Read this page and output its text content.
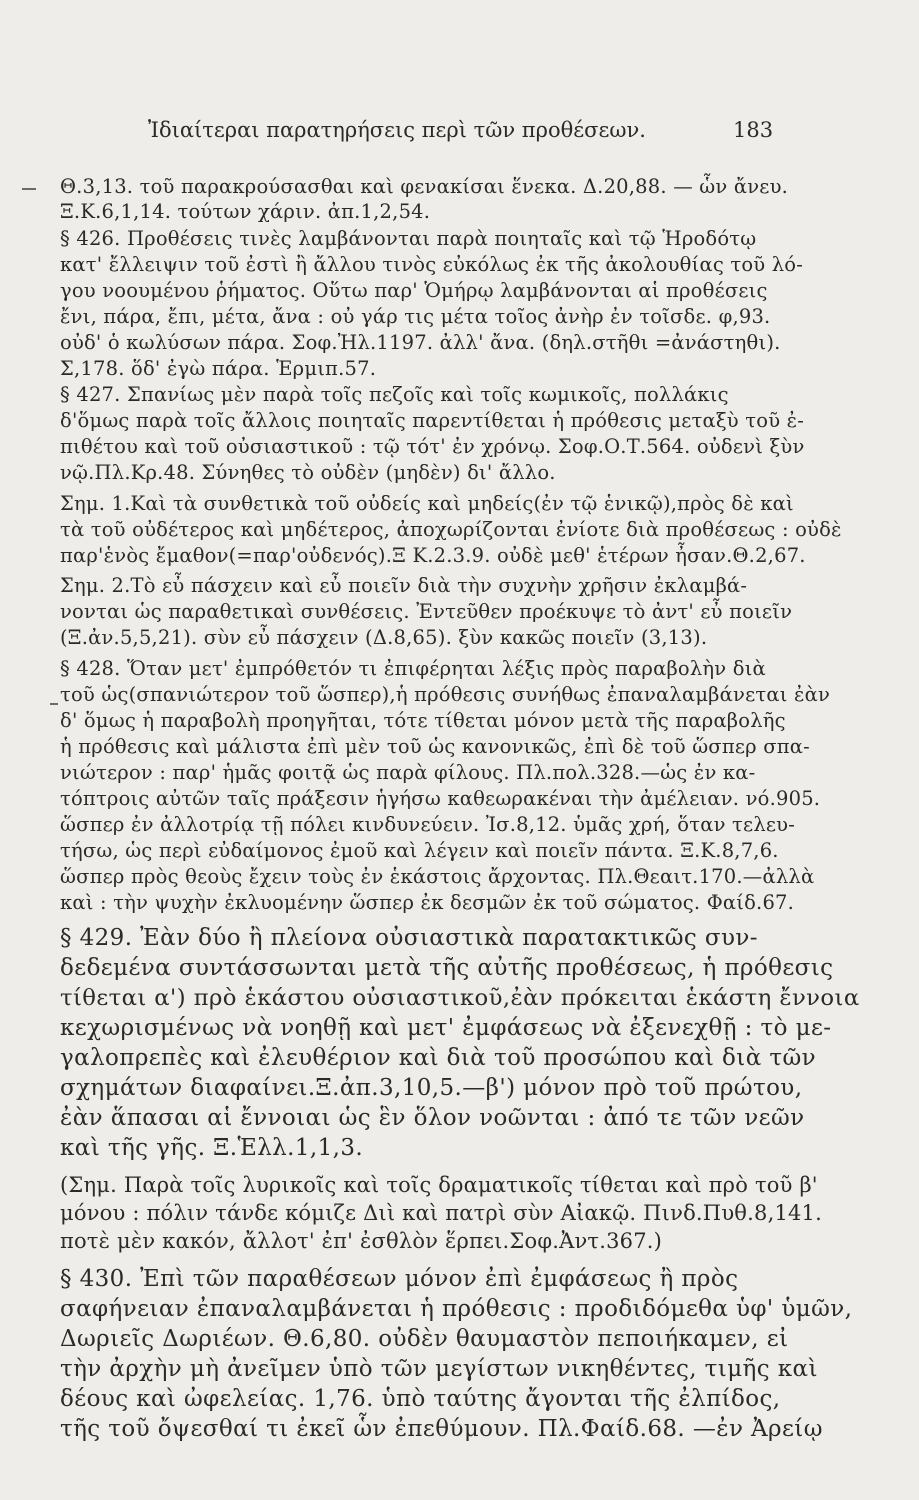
Ἰδιαίτεραι παρατηρήσεις περὶ τῶν προθέσεων.	183
Θ.3,13. τοῦ παρακρούσασθαι καὶ φενακίσαι ἕνεκα. Δ.20,88. — ὧν ἄνευ.
Ξ.Κ.6,1,14. τούτων χάριν. ἀπ.1,2,54.
§ 426. Προθέσεις τινὲς λαμβάνονται παρὰ ποιηταῖς καὶ τῷ Ἡροδότῳ
κατ' ἔλλειψιν τοῦ ἐστὶ ἢ ἄλλου τινὸς εὐκόλως ἐκ τῆς ἀκολουθίας τοῦ λό-
γου νοουμένου ῥήματος. Οὕτω παρ' Ὁμήρῳ λαμβάνονται αἱ προθέσεις
ἔνι, πάρα, ἔπι, μέτα, ἄνα : οὐ γάρ τις μέτα τοῖος ἀνὴρ ἐν τοῖσδε. φ,93.
οὐδ' ὁ κωλύσων πάρα. Σοφ.Ἠλ.1197. ἀλλ' ἄνα. (δηλ.στῆθι =ἀνάστηθι).
Σ,178. ὅδ' ἐγὼ πάρα. Ἑρμιπ.57.
§ 427. Σπανίως μὲν παρὰ τοῖς πεζοῖς καὶ τοῖς κωμικοῖς, πολλάκις
δ'ὅμως παρὰ τοῖς ἄλλοις ποιηταῖς παρεντίθεται ἡ πρόθεσις μεταξὺ τοῦ ἐ-
πιθέτου καὶ τοῦ οὐσιαστικοῦ : τῷ τότ' ἐν χρόνῳ. Σοφ.Ο.Τ.564. οὐδενὶ ξὺν
νῷ.Πλ.Κρ.48. Σύνηθες τὸ οὐδὲν (μηδὲν) δι' ἄλλο.
Σημ. 1.Καὶ τὰ συνθετικὰ τοῦ οὐδείς καὶ μηδείς(ἐν τῷ ἑνικῷ),πρὸς δὲ καὶ
τὰ τοῦ οὐδέτερος καὶ μηδέτερος, ἀποχωρίζονται ἐνίοτε διὰ προθέσεως : οὐδὲ
παρ'ἑνὸς ἔμαθον(=παρ'οὐδενός).Ξ Κ.2.3.9. οὐδὲ μεθ' ἑτέρων ἦσαν.Θ.2,67.
Σημ. 2.Τὸ εὖ πάσχειν καὶ εὖ ποιεῖν διὰ τὴν συχνὴν χρῆσιν ἐκλαμβά-
νονται ὡς παραθετικαὶ συνθέσεις. Ἐντεῦθεν προέκυψε τὸ ἀντ' εὖ ποιεῖν
(Ξ.ἀν.5,5,21). σὺν εὖ πάσχειν (Δ.8,65). ξὺν κακῶς ποιεῖν (3,13).
§ 428. Ὅταν μετ' ἐμπρόθετόν τι ἐπιφέρηται λέξις πρὸς παραβολὴν διὰ
τοῦ ὡς(σπανιώτερον τοῦ ὥσπερ),ἡ πρόθεσις συνήθως ἐπαναλαμβάνεται ἐὰν
δ' ὅμως ἡ παραβολὴ προηγῆται, τότε τίθεται μόνον μετὰ τῆς παραβολῆς
ἡ πρόθεσις καὶ μάλιστα ἐπὶ μὲν τοῦ ὡς κανονικῶς, ἐπὶ δὲ τοῦ ὥσπερ σπα-
νιώτερον : παρ' ἡμᾶς φοιτᾷ ὡς παρὰ φίλους. Πλ.πολ.328.—ὡς ἐν κα-
τόπτροις αὐτῶν ταῖς πράξεσιν ἡγήσω καθεωρακέναι τὴν ἀμέλειαν. νό.905.
ὥσπερ ἐν ἀλλοτρίᾳ τῇ πόλει κινδυνεύειν. Ἰσ.8,12. ὑμᾶς χρή, ὅταν τελευ-
τήσω, ὡς περὶ εὐδαίμονος ἐμοῦ καὶ λέγειν καὶ ποιεῖν πάντα. Ξ.Κ.8,7,6.
ὥσπερ πρὸς θεοὺς ἔχειν τοὺς ἐν ἑκάστοις ἄρχοντας. Πλ.Θεαιτ.170.—ἀλλὰ
καὶ : τὴν ψυχὴν ἐκλυομένην ὥσπερ ἐκ δεσμῶν ἐκ τοῦ σώματος. Φαίδ.67.
§ 429. Ἐὰν δύο ἢ πλείονα οὐσιαστικὰ παρατακτικῶς συν-
δεδεμένα συντάσσωνται μετὰ τῆς αὐτῆς προθέσεως, ἡ πρόθεσις
τίθεται α') πρὸ ἑκάστου οὐσιαστικοῦ,ἐὰν πρόκειται ἑκάστη ἔννοια
κεχωρισμένως νὰ νοηθῇ καὶ μετ' ἐμφάσεως νὰ ἐξενεχθῇ : τὸ με-
γαλοπρεπὲς καὶ ἐλευθέριον καὶ διὰ τοῦ προσώπου καὶ διὰ τῶν
σχημάτων διαφαίνει.Ξ.ἀπ.3,10,5.—β') μόνον πρὸ τοῦ πρώτου,
ἐὰν ἅπασαι αἱ ἔννοιαι ὡς ἓν ὅλον νοῶνται : ἀπό τε τῶν νεῶν
καὶ τῆς γῆς. Ξ.Ἑλλ.1,1,3.
(Σημ. Παρὰ τοῖς λυρικοῖς καὶ τοῖς δραματικοῖς τίθεται καὶ πρὸ τοῦ β'
μόνου : πόλιν τάνδε κόμιζε Διὶ καὶ πατρὶ σὺν Αἰακῷ. Πινδ.Πυθ.8,141.
ποτὲ μὲν κακόν, ἄλλοτ' ἐπ' ἐσθλὸν ἕρπει.Σοφ.Ἀντ.367.)
§ 430. Ἐπὶ τῶν παραθέσεων μόνον ἐπὶ ἐμφάσεως ἢ πρὸς
σαφήνειαν ἐπαναλαμβάνεται ἡ πρόθεσις : προδιδόμεθα ὑφ' ὑμῶν,
Δωριεῖς Δωριέων. Θ.6,80. οὐδὲν θαυμαστὸν πεποιήκαμεν, εἰ
τὴν ἀρχὴν μὴ ἀνεῖμεν ὑπὸ τῶν μεγίστων νικηθέντες, τιμῆς καὶ
δέους καὶ ὠφελείας. 1,76. ὑπὸ ταύτης ἄγονται τῆς ἐλπίδος,
τῆς τοῦ ὄψεσθαί τι ἐκεῖ ὧν ἐπεθύμουν. Πλ.Φαίδ.68. —ἐν Ἀρείῳ
